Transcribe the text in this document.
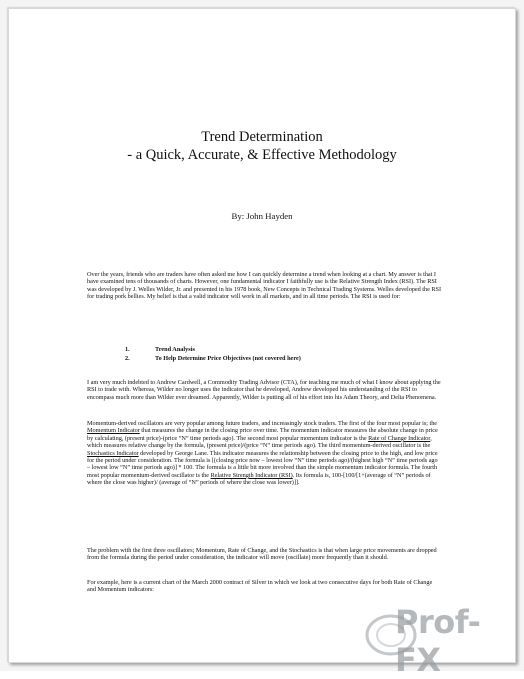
Trend Determination
- a Quick, Accurate, & Effective Methodology
By: John Hayden

Over the years, friends who are traders have often asked me how I can quickly determine a trend when looking at a chart. My answer is that I have examined tens of thousands of charts. However, one fundamental indicator I faithfully use is the Relative Strength Index (RSI). The RSI was developed by J. Welles Wilder, Jr. and presented in his 1978 book, New Concepts in Technical Trading Systems. Welles developed the RSI for trading pork bellies. My belief is that a valid indicator will work in all markets, and in all time periods. The RSI is used for:

1.	Trend Analysis
2.	To Help Determine Price Objectives (not covered here)

I am very much indebted to Andrew Cardwell, a Commodity Trading Advisor (CTA), for teaching me much of what I know about applying the RSI to trade with. Whereas, Wilder no longer uses the indicator that he developed, Andrew developed his understanding of the RSI to encompass much more than Wilder ever dreamed. Apparently, Wilder is putting all of his effort into his Adam Theory, and Delta Phenomena.

Momentum-derived oscillators are very popular among future traders, and increasingly stock traders. The first of the four most popular is; the Momentum Indicator that measures the change in the closing price over time. The momentum indicator measures the absolute change in price by calculating, (present price)-(price “N” time periods ago). The second most popular momentum indicator is the Rate of Change Indicator, which measures relative change by the formula, (present price)/(price “N” time periods ago). The third momentum-derived oscillator is the Stochastics Indicator developed by George Lane. This indicator measures the relationship between the closing price to the high, and low price for the period under consideration. The formula is [(closing price now – lowest low “N” time periods ago)/(highest high “N” time periods ago – lowest low “N” time periods ago)] * 100. The formula is a little bit more involved than the simple momentum indicator formula. The fourth most popular momentum-derived oscillator is the Relative Strength Indicator (RSI). Its formula is, 100-[100/[1+(average of “N” periods of where the close was higher)/ (average of “N” periods of where the close was lower)]].

The problem with the first three oscillators; Momentum, Rate of Change, and the Stochastics is that when large price movements are dropped from the formula during the period under consideration, the indicator will move (oscillate) more frequently than it should.

For example, here is a current chart of the March 2000 contract of Silver in which we look at two consecutive days for both Rate of Change and Momentum indicators:

Prof-FX
